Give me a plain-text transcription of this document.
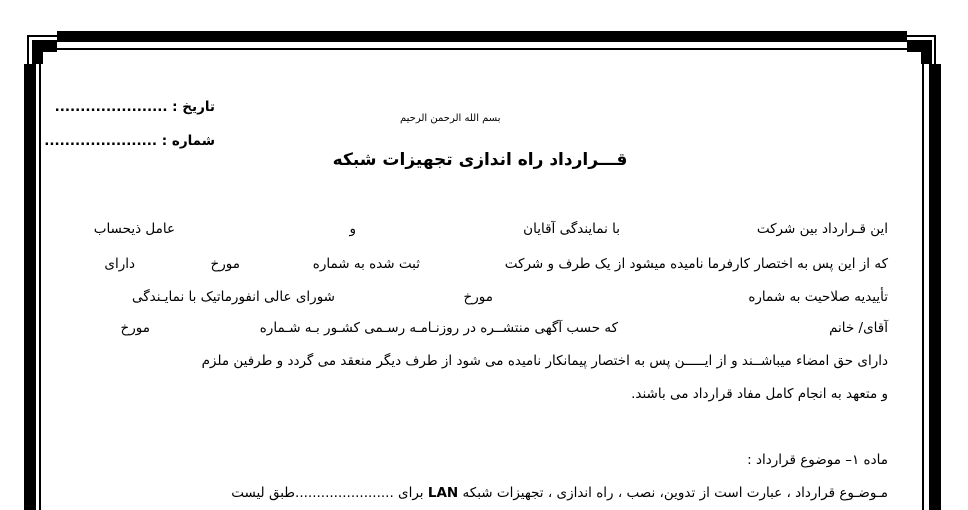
تاریخ : ......................
شماره : ......................
بسم الله الرحمن الرحیم
قـــرارداد راه اندازی تجهیزات شبکه
این قـرارداد بین شرکت
با نمایندگی آقایان
و
عامل ذیحساب
که از این پس به اختصار کارفرما نامیده میشود از یک طرف و شرکت
ثبت شده به شماره
مورخ
دارای
تأییدیه صلاحیت به شماره
مورخ
شورای عالی انفورماتیک با نمایـندگی
آقای/ خانم
که حسب آگهی منتشــره در روزنـامـه رسـمی کشـور بـه شـماره
مورخ
دارای حق امضاء میباشــند و از ایـــــن پس به اختصار پیمانکار نامیده می شود از طرف دیگر منعقد می گردد و طرفین ملزم
و متعهد به انجام کامل مفاد قرارداد می باشند.
ماده ۱– موضوع قرارداد :
مـوضـوع قرارداد ، عبارت است از تدوین، نصب ، راه اندازی ، تجهیزات شبکه LAN برای .......................طبق لیست
